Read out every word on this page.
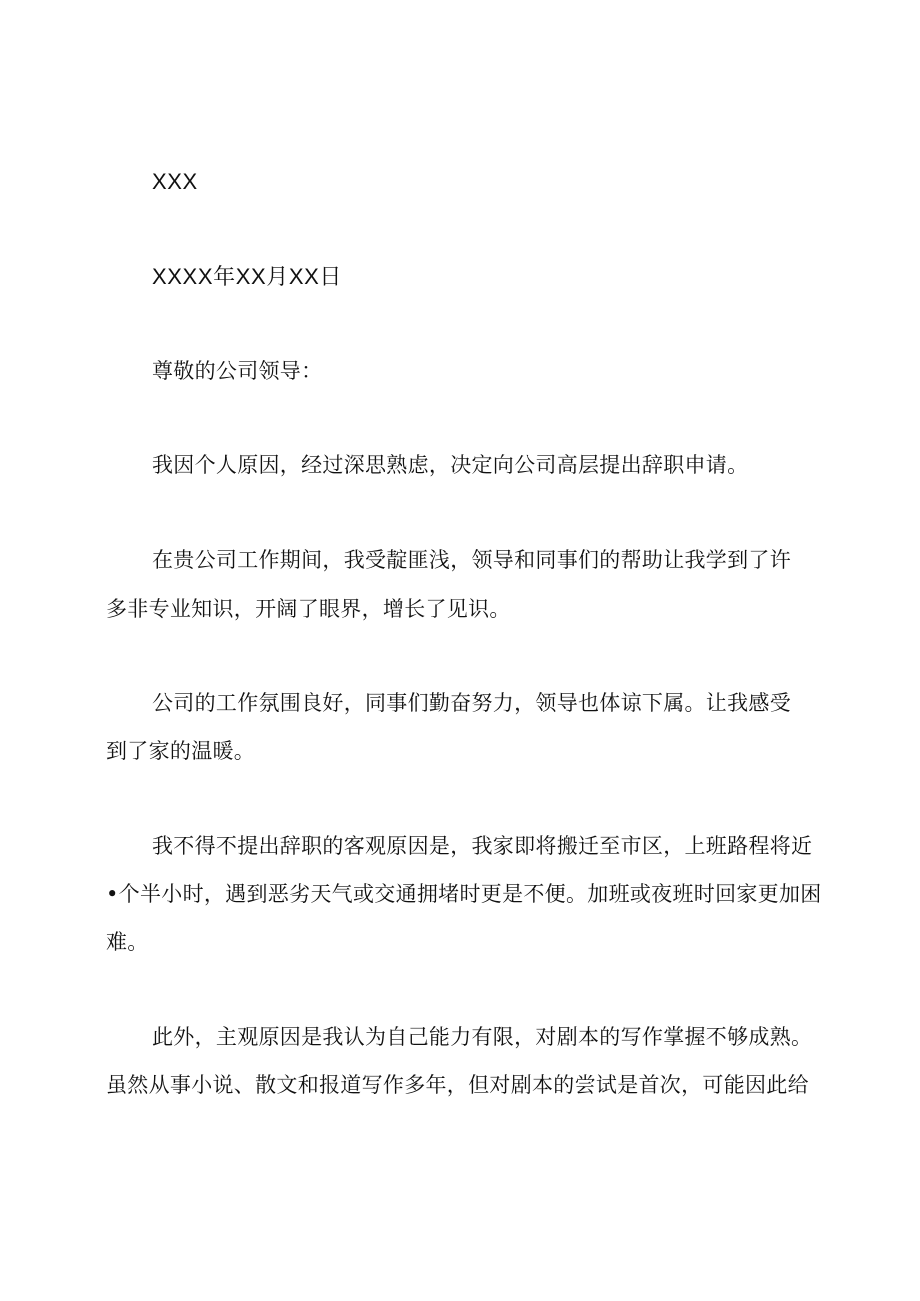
XXX
XXXX年XX月XX日
尊敬的公司领导：
我因个人原因，经过深思熟虑，决定向公司高层提出辞职申请。
在贵公司工作期间，我受靛匪浅，领导和同事们的帮助让我学到了许
多非专业知识，开阔了眼界，增长了见识。
公司的工作氛围良好，同事们勤奋努力，领导也体谅下属。让我感受
到了家的温暖。
我不得不提出辞职的客观原因是，我家即将搬迁至市区，上班路程将近
•个半小时，遇到恶劣天气或交通拥堵时更是不便。加班或夜班时回家更加困
难。
此外，主观原因是我认为自己能力有限，对剧本的写作掌握不够成熟。
虽然从事小说、散文和报道写作多年，但对剧本的尝试是首次，可能因此给
